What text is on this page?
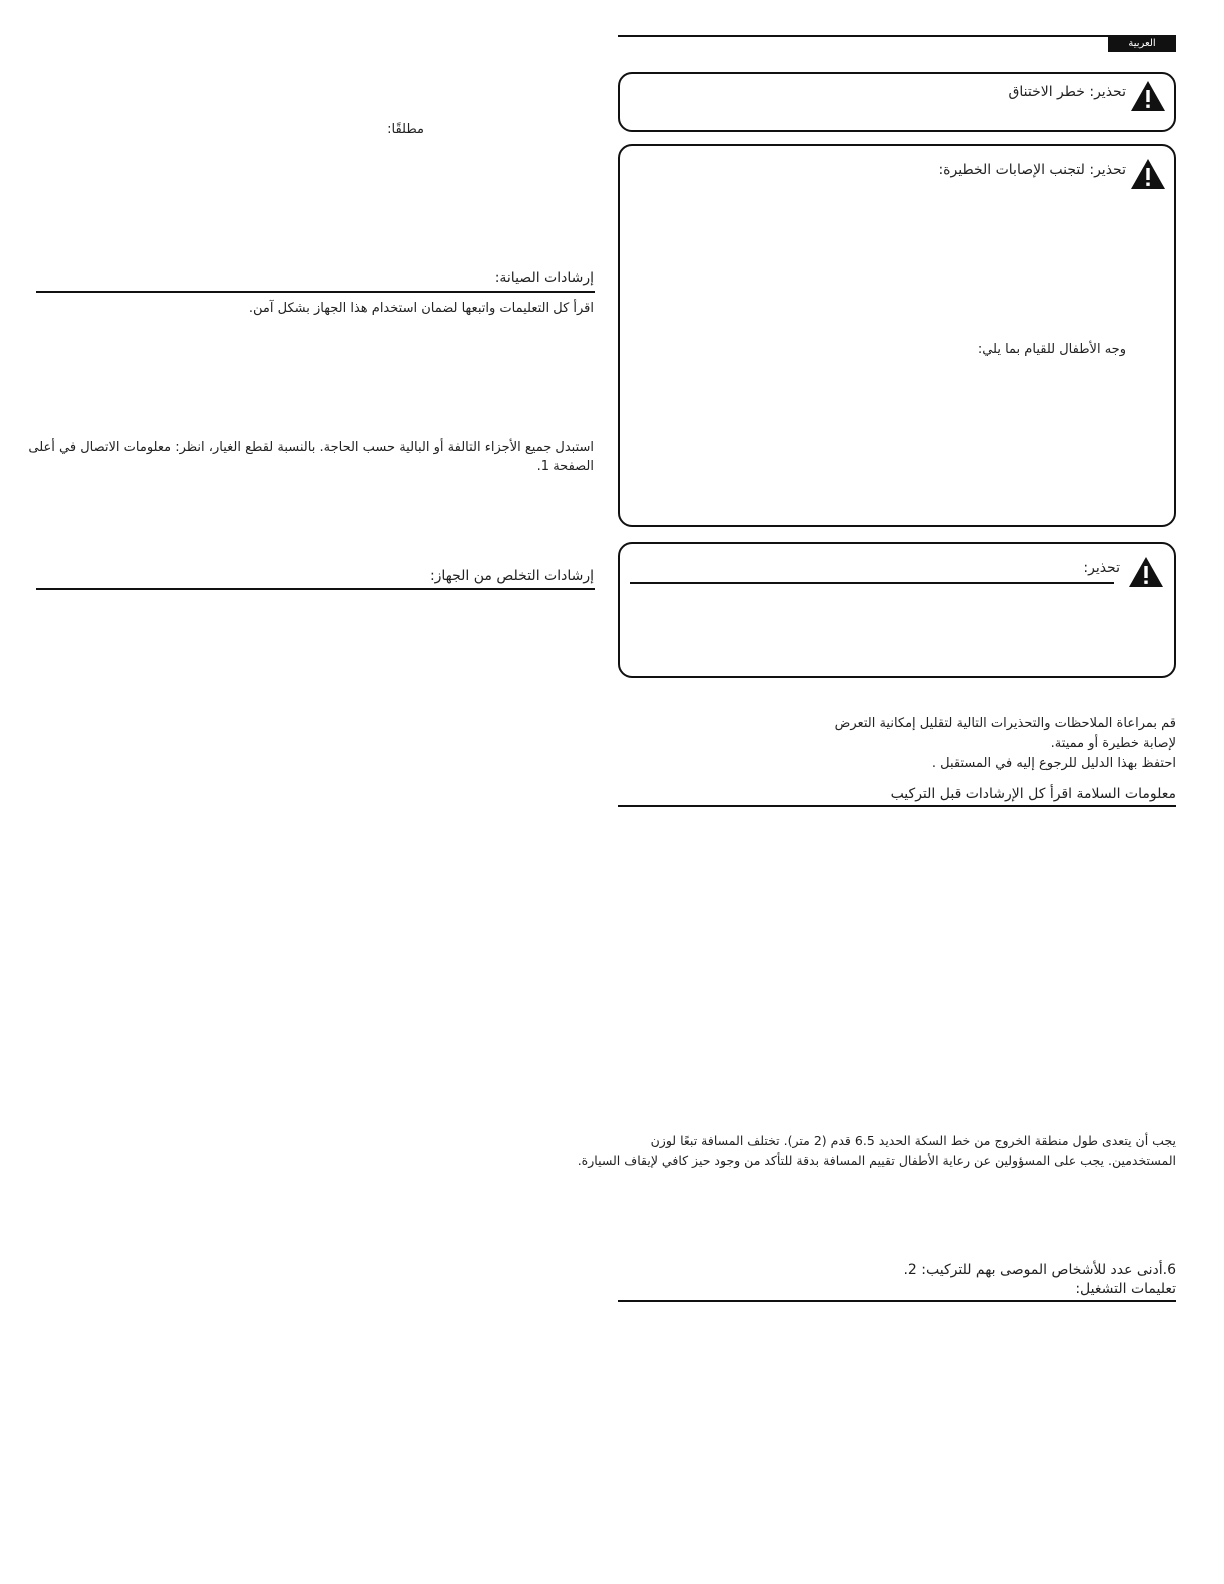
العربية
تحذير: خطر الاختناق
تحذير: لتجنب الإصابات الخطيرة:
وجه الأطفال للقيام بما يلي:
تحذير:
قم بمراعاة الملاحظات والتحذيرات التالية لتقليل إمكانية التعرض
لإصابة خطيرة أو مميتة.
احتفظ بهذا الدليل للرجوع إليه في المستقبل .
معلومات السلامة اقرأ كل الإرشادات قبل التركيب
يجب أن يتعدى طول منطقة الخروج من خط السكة الحديد 6.5 قدم (2 متر). تختلف المسافة تبعًا لوزن
المستخدمين. يجب على المسؤولين عن رعاية الأطفال تقييم المسافة بدقة للتأكد من وجود حيز كافي لإيقاف السيارة.
6.أدنى عدد للأشخاص الموصى بهم للتركيب: 2.
تعليمات التشغيل:
مطلقًا:
إرشادات الصيانة:
اقرأ كل التعليمات واتبعها لضمان استخدام هذا الجهاز بشكل آمن.
استبدل جميع الأجزاء التالفة أو البالية حسب الحاجة. بالنسبة لقطع الغيار، انظر: معلومات الاتصال في أعلى
الصفحة 1.
إرشادات التخلص من الجهاز:
